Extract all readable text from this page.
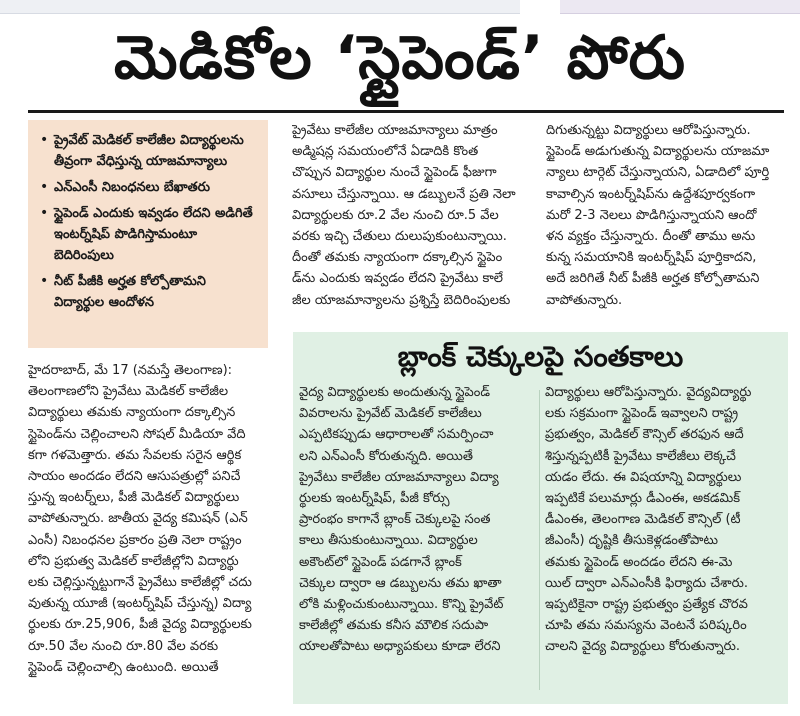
మెడికోల ‘స్టైపెండ్’ పోరు
• ప్రైవేట్ మెడికల్ కాలేజీల విద్యార్థులను తీవ్రంగా వేధిస్తున్న యాజమాన్యాలు
• ఎన్ఎంసీ నిబంధనలు బేఖాతరు
• స్టైపెండ్ ఎందుకు ఇవ్వడం లేదని అడిగితే ఇంటర్న్‌షిప్ పొడిగిస్తామంటూ బెదిరింపులు
• నీట్ పీజీకి అర్హత కోల్పోతామని విద్యార్థుల ఆందోళన
హైదరాబాద్, మే 17 (నమస్తే తెలంగాణ):
తెలంగాణలోని ప్రైవేటు మెడికల్ కాలేజీల
విద్యార్థులు తమకు న్యాయంగా దక్కాల్సిన
స్టైపెండ్‌ను చెల్లించాలని సోషల్ మీడియా వేది
కగా గళమెత్తారు. తమ సేవలకు సరైన ఆర్థిక
సాయం అందడం లేదని ఆసుపత్రుల్లో పనిచే
స్తున్న ఇంటర్న్‌లు, పీజీ మెడికల్ విద్యార్థులు
వాపోతున్నారు. జాతీయ వైద్య కమిషన్ (ఎన్
ఎంసీ) నిబంధనల ప్రకారం ప్రతి నెలా రాష్ట్రం
లోని ప్రభుత్వ మెడికల్ కాలేజీల్లోని విద్యార్థు
లకు చెల్లిస్తున్నట్టుగానే ప్రైవేటు కాలేజీల్లో చదు
వుతున్న యూజీ (ఇంటర్న్‌షిప్ చేస్తున్న) విద్యా
ర్థులకు రూ.25,906, పీజీ వైద్య విద్యార్థులకు
రూ.50 వేల నుంచి రూ.80 వేల వరకు
స్టైపెండ్ చెల్లించాల్సి ఉంటుంది. అయితే
ప్రైవేటు కాలేజీల యాజమాన్యాలు మాత్రం
అడ్మిషన్ల సమయంలోనే ఏడాదికి కొంత
చొప్పున విద్యార్థుల నుంచే స్టైపెండ్ ఫీజుగా
వసూలు చేస్తున్నాయి. ఆ డబ్బులనే ప్రతి నెలా
విద్యార్థులకు రూ.2 వేల నుంచి రూ.5 వేల
వరకు ఇచ్చి చేతులు దులుపుకుంటున్నాయి.
దీంతో తమకు న్యాయంగా దక్కాల్సిన స్టైపెం
డ్‌ను ఎందుకు ఇవ్వడం లేదని ప్రైవేటు కాలే
జీల యాజమాన్యాలను ప్రశ్నిస్తే బెదిరింపులకు
దిగుతున్నట్టు విద్యార్థులు ఆరోపిస్తున్నారు.
స్టైపెండ్ అడుగుతున్న విద్యార్థులను యాజమా
న్యాలు టార్గెట్ చేస్తున్నాయని, ఏడాదిలో పూర్తి
కావాల్సిన ఇంటర్న్‌షిప్‌ను ఉద్దేశపూర్వకంగా
మరో 2-3 నెలలు పొడిగిస్తున్నాయని ఆందో
ళన వ్యక్తం చేస్తున్నారు. దీంతో తాము అను
కున్న సమయానికి ఇంటర్న్‌షిప్ పూర్తికాదని,
అదే జరిగితే నీట్ పీజీకి అర్హత కోల్పోతామని
వాపోతున్నారు.
బ్లాంక్ చెక్కులపై సంతకాలు
వైద్య విద్యార్థులకు అందుతున్న స్టైపెండ్
వివరాలను ప్రైవేట్ మెడికల్ కాలేజీలు
ఎప్పటికప్పుడు ఆధారాలతో సమర్పించా
లని ఎన్ఎంసీ కోరుతున్నది. అయితే
ప్రైవేటు కాలేజీల యాజమాన్యాలు విద్యా
ర్థులకు ఇంటర్న్‌షిప్, పీజీ కోర్సు
ప్రారంభం కాగానే బ్లాంక్ చెక్కులపై సంత
కాలు తీసుకుంటున్నాయి. విద్యార్థుల
అకౌంట్‌లో స్టైపెండ్ పడగానే బ్లాంక్
చెక్కుల ద్వారా ఆ డబ్బులను తమ ఖాతా
లోకి మళ్లించుకుంటున్నాయి. కొన్ని ప్రైవేట్
కాలేజీల్లో తమకు కనీస మౌలిక సదుపా
యాలతోపాటు అధ్యాపకులు కూడా లేరని
విద్యార్థులు ఆరోపిస్తున్నారు. వైద్యవిద్యార్థు
లకు సక్రమంగా స్టైపెండ్ ఇవ్వాలని రాష్ట్ర
ప్రభుత్వం, మెడికల్ కౌన్సిల్ తరఫున ఆదే
శిస్తున్నప్పటికీ ప్రైవేటు కాలేజీలు లెక్కచే
యడం లేదు. ఈ విషయాన్ని విద్యార్థులు
ఇప్పటికే పలుమార్లు డీఎంఈ, అకడమిక్
డీఎంఈ, తెలంగాణ మెడికల్ కౌన్సిల్ (టీ
జీఎంసీ) దృష్టికి తీసుకెళ్లడంతోపాటు
తమకు స్టైపెండ్ అందడం లేదని ఈ-మె
యిల్ ద్వారా ఎన్ఎంసీకి ఫిర్యాదు చేశారు.
ఇప్పటికైనా రాష్ట్ర ప్రభుత్వం ప్రత్యేక చొరవ
చూపి తమ సమస్యను వెంటనే పరిష్కరిం
చాలని వైద్య విద్యార్థులు కోరుతున్నారు.
